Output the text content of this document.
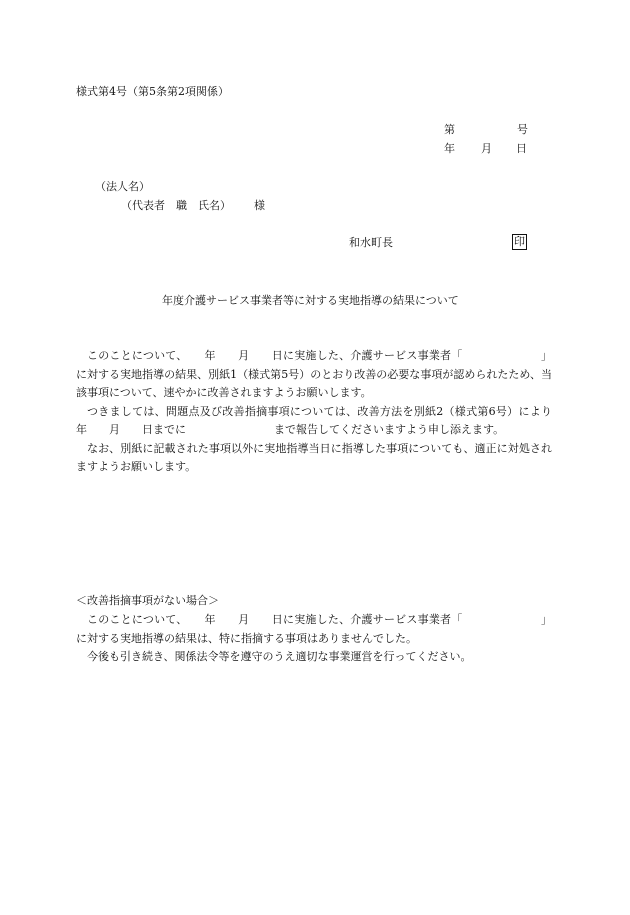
様式第4号（第5条第2項関係）
第	号
年 月 日
（法人名）
（代表者　職　氏名） 様
和水町長	印
年度介護サービス事業者等に対する実地指導の結果について

このことについて、　　年　　月　　日に実施した、介護サービス事業者「　　　　　　　」に対する実地指導の結果、別紙1（様式第5号）のとおり改善の必要な事項が認められたため、当該事項について、速やかに改善されますようお願いします。

つきましては、問題点及び改善指摘事項については、改善方法を別紙2（様式第6号）により　　年　　月　　日までに　　　　　　　　まで報告してくださいますよう申し添えます。

なお、別紙に記載された事項以外に実地指導当日に指導した事項についても、適正に対処されますようお願いします。

＜改善指摘事項がない場合＞

このことについて、　　年　　月　　日に実施した、介護サービス事業者「　　　　　　　」に対する実地指導の結果は、特に指摘する事項はありませんでした。

今後も引き続き、関係法令等を遵守のうえ適切な事業運営を行ってください。
